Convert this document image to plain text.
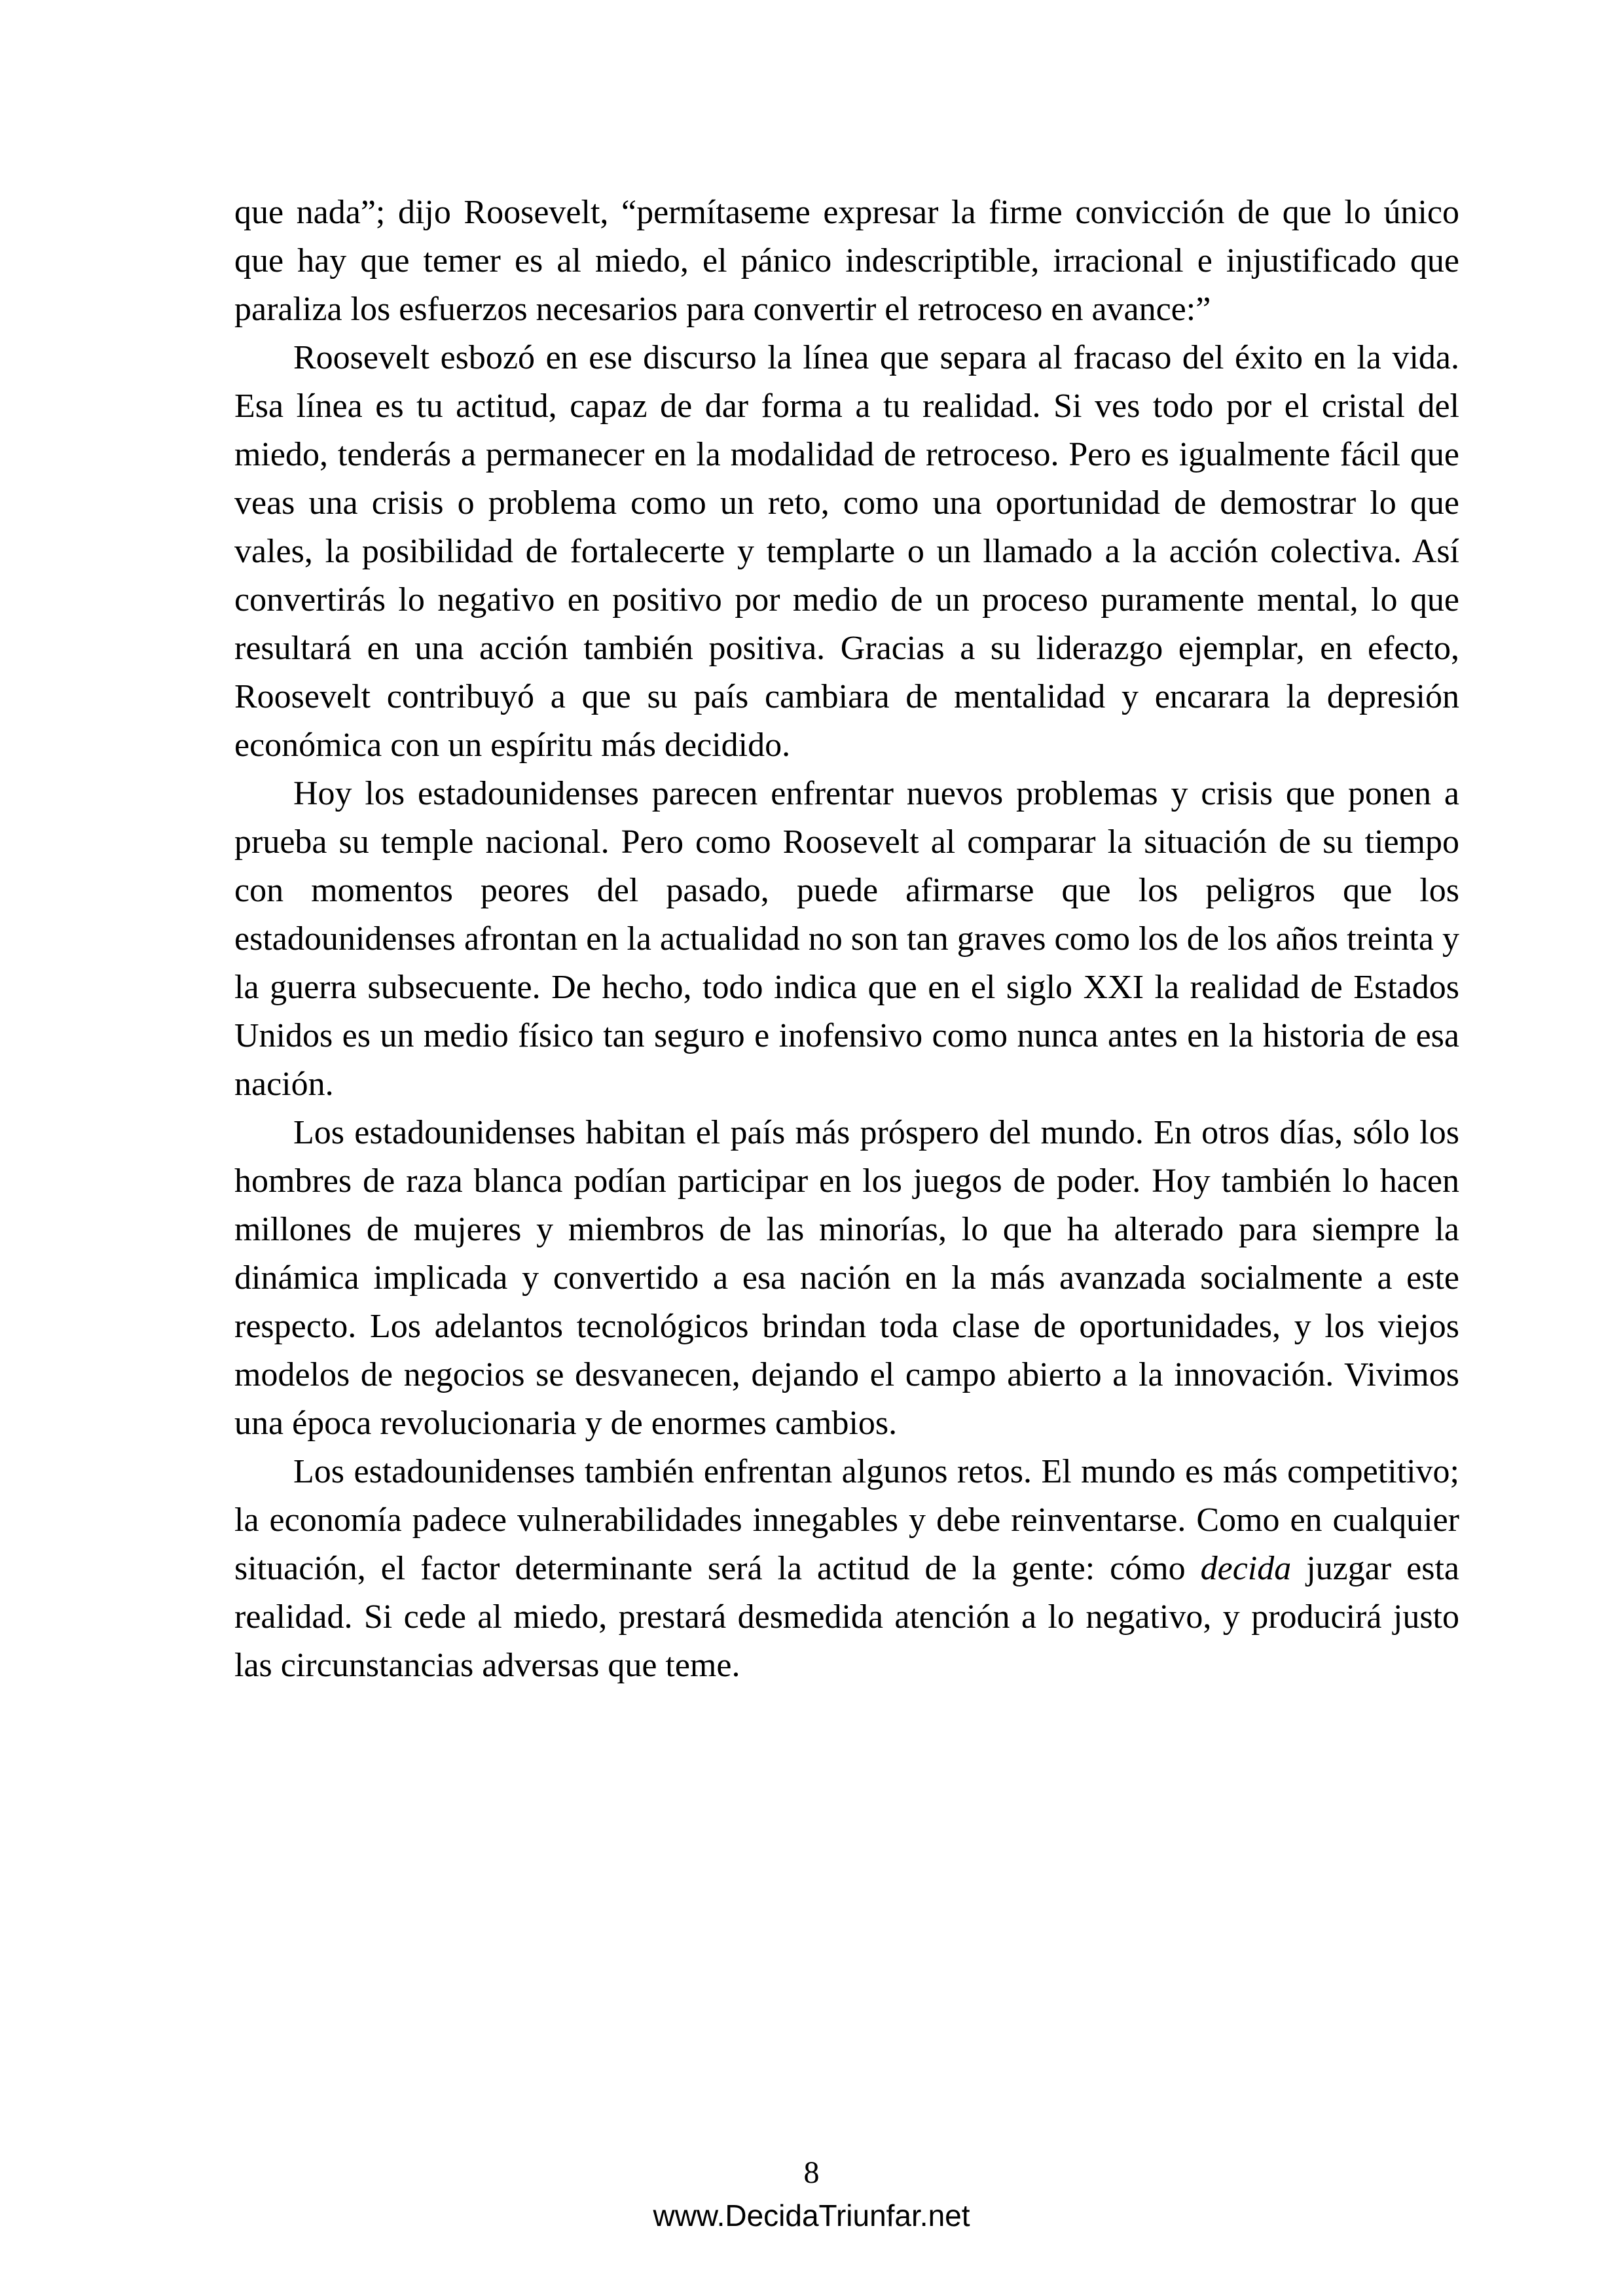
que nada”; dijo Roosevelt, “permítaseme expresar la firme convicción de que lo único que hay que temer es al miedo, el pánico indescriptible, irracional e injustificado que paraliza los esfuerzos necesarios para convertir el retroceso en avance:”

Roosevelt esbozó en ese discurso la línea que separa al fracaso del éxito en la vida. Esa línea es tu actitud, capaz de dar forma a tu realidad. Si ves todo por el cristal del miedo, tenderás a permanecer en la modalidad de retroceso. Pero es igualmente fácil que veas una crisis o problema como un reto, como una oportunidad de demostrar lo que vales, la posibilidad de fortalecerte y templarte o un llamado a la acción colectiva. Así convertirás lo negativo en positivo por medio de un proceso puramente mental, lo que resultará en una acción también positiva. Gracias a su liderazgo ejemplar, en efecto, Roosevelt contribuyó a que su país cambiara de mentalidad y encarara la depresión económica con un espíritu más decidido.

Hoy los estadounidenses parecen enfrentar nuevos problemas y crisis que ponen a prueba su temple nacional. Pero como Roosevelt al comparar la situación de su tiempo con momentos peores del pasado, puede afirmarse que los peligros que los estadounidenses afrontan en la actualidad no son tan graves como los de los años treinta y la guerra subsecuente. De hecho, todo indica que en el siglo XXI la realidad de Estados Unidos es un medio físico tan seguro e inofensivo como nunca antes en la historia de esa nación.

Los estadounidenses habitan el país más próspero del mundo. En otros días, sólo los hombres de raza blanca podían participar en los juegos de poder. Hoy también lo hacen millones de mujeres y miembros de las minorías, lo que ha alterado para siempre la dinámica implicada y convertido a esa nación en la más avanzada socialmente a este respecto. Los adelantos tecnológicos brindan toda clase de oportunidades, y los viejos modelos de negocios se desvanecen, dejando el campo abierto a la innovación. Vivimos una época revolucionaria y de enormes cambios.

Los estadounidenses también enfrentan algunos retos. El mundo es más competitivo; la economía padece vulnerabilidades innegables y debe reinventarse. Como en cualquier situación, el factor determinante será la actitud de la gente: cómo decida juzgar esta realidad. Si cede al miedo, prestará desmedida atención a lo negativo, y producirá justo las circunstancias adversas que teme.

8
www.DecidaTriunfar.net
